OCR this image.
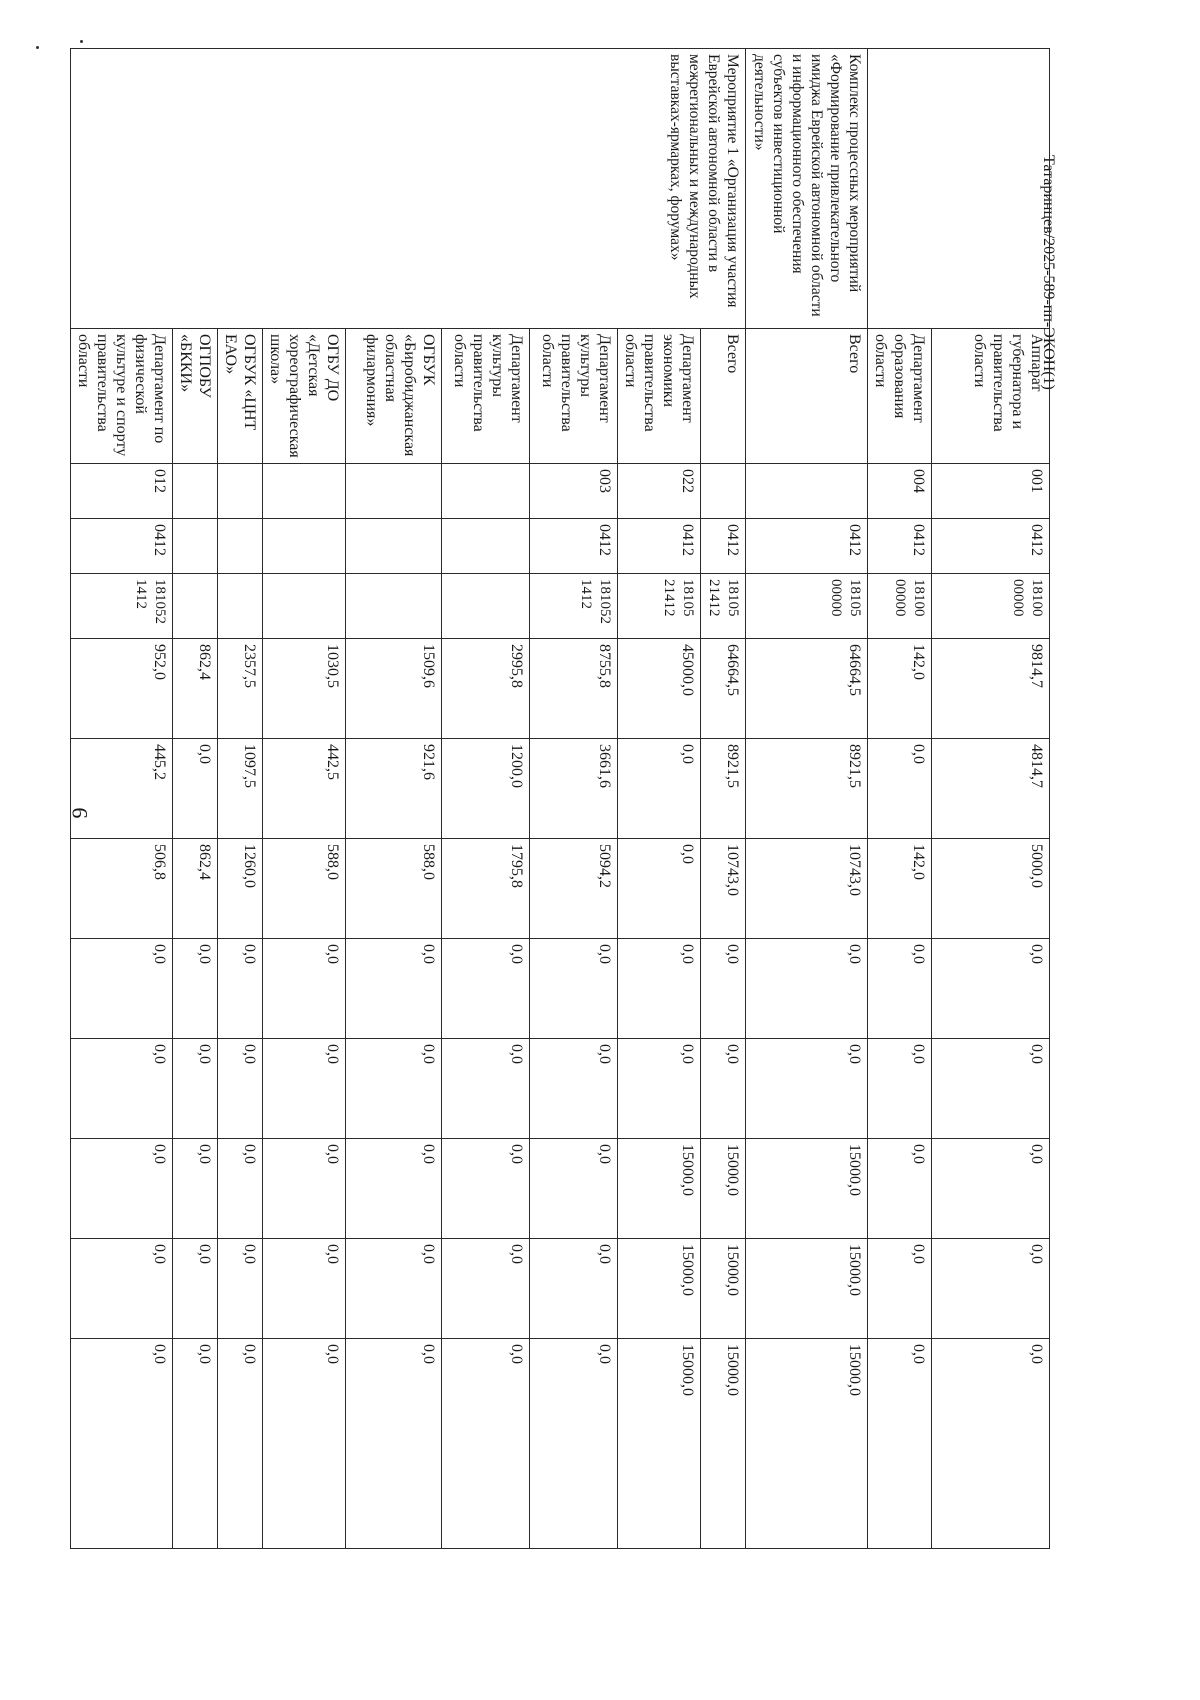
9
Татаринцев/2025-589-пп-ЭКОН(1)
	Аппарат губернатора и правительства области	001	0412	18100 00000	9814,7	4814,7	5000,0	0,0	0,0	0,0	0,0	0,0
	Департамент образования области	004	0412	18100 00000	142,0	0,0	142,0	0,0	0,0	0,0	0,0	0,0
Комплекс процессных мероприятий «Формирование привлекательного имиджа Еврейской автономной области и информационного обеспечения субъектов инвестиционной деятельности»	Всего		0412	18105 00000	64664,5	8921,5	10743,0	0,0	0,0	15000,0	15000,0	15000,0
Мероприятие 1 «Организация участия Еврейской автономной области в межрегиональных и международных выставках-ярмарках, форумах»	Всего		0412	18105 21412	64664,5	8921,5	10743,0	0,0	0,0	15000,0	15000,0	15000,0
	Департамент экономики правительства области	022	0412	18105 21412	45000,0	0,0	0,0	0,0	0,0	15000,0	15000,0	15000,0
	Департамент культуры правительства области	003	0412	181052 1412	8755,8	3661,6	5094,2	0,0	0,0	0,0	0,0	0,0
	Департамент культуры правительства области				2995,8	1200,0	1795,8	0,0	0,0	0,0	0,0	0,0
	ОГБУК «Биробиджанская областная филармония»				1509,6	921,6	588,0	0,0	0,0	0,0	0,0	0,0
	ОГБУ ДО «Детская хореографическая школа»				1030,5	442,5	588,0	0,0	0,0	0,0	0,0	0,0
	ОГБУК «ЦНТ ЕАО»				2357,5	1097,5	1260,0	0,0	0,0	0,0	0,0	0,0
	ОГПОБУ «БККИ»				862,4	0,0	862,4	0,0	0,0	0,0	0,0	0,0
	Департамент по физической культуре и спорту правительства области	012	0412	181052 1412	952,0	445,2	506,8	0,0	0,0	0,0	0,0	0,0
